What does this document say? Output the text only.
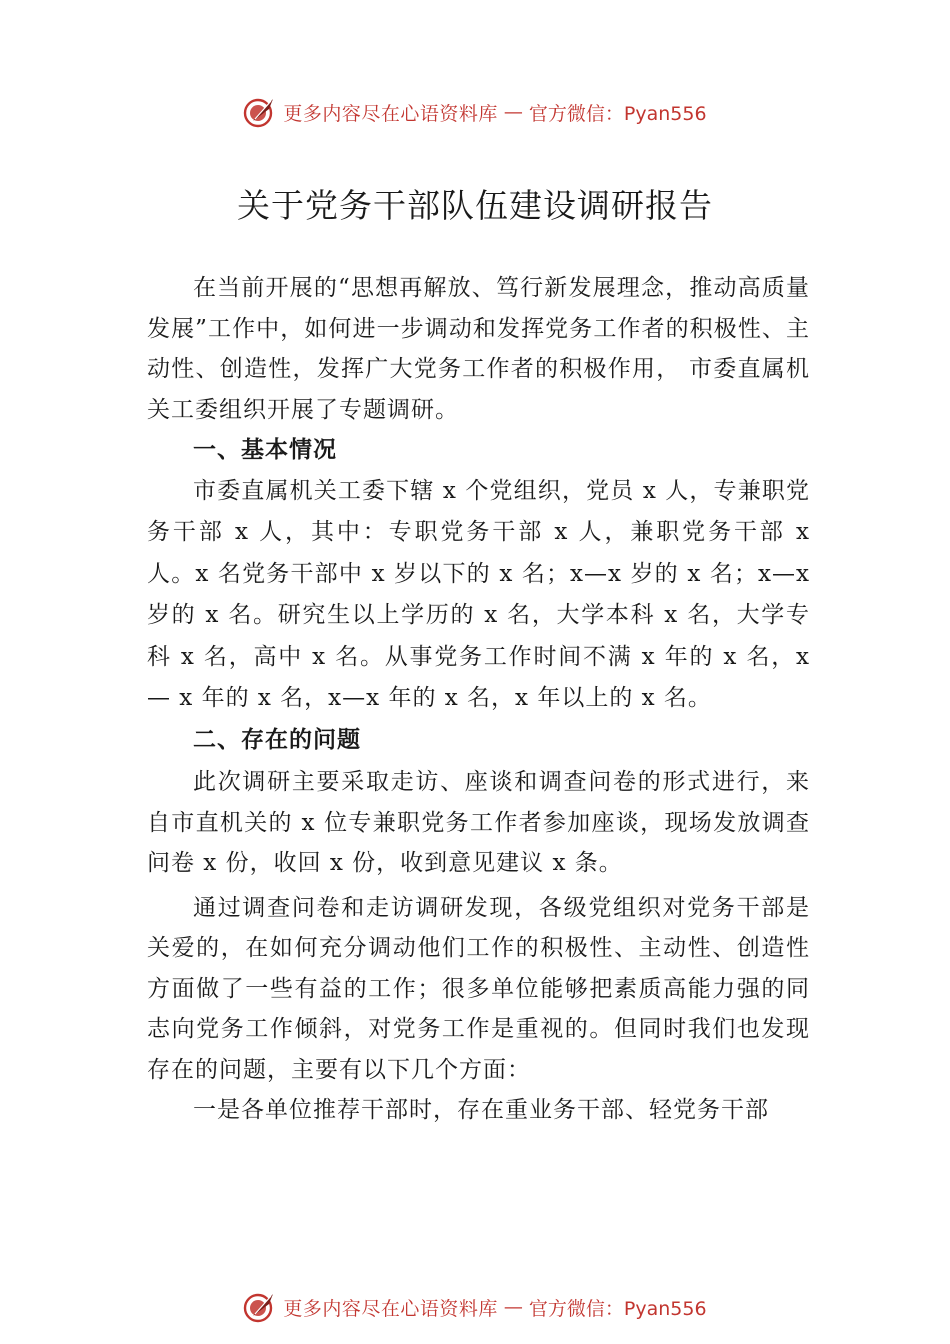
更多内容尽在心语资料库 — 官方微信：Pyan556
关于党务干部队伍建设调研报告

在当前开展的“思想再解放、笃行新发展理念，推动高质量发展”工作中，如何进一步调动和发挥党务工作者的积极性、主动性、创造性，发挥广大党务工作者的积极作用， 市委直属机关工委组织开展了专题调研。

一、基本情况

市委直属机关工委下辖 x 个党组织，党员 x 人，专兼职党务干部 x 人，其中：专职党务干部 x 人，兼职党务干部 x 人。x 名党务干部中 x 岁以下的 x 名；x—x 岁的 x 名；x—x 岁的 x 名。研究生以上学历的 x 名，大学本科 x 名，大学专科 x 名，高中 x 名。从事党务工作时间不满 x 年的 x 名，x— x 年的 x 名，x—x 年的 x 名，x 年以上的 x 名。

二、存在的问题

此次调研主要采取走访、座谈和调查问卷的形式进行，来自市直机关的 x 位专兼职党务工作者参加座谈，现场发放调查问卷 x 份，收回 x 份，收到意见建议 x 条。

通过调查问卷和走访调研发现，各级党组织对党务干部是关爱的，在如何充分调动他们工作的积极性、主动性、创造性方面做了一些有益的工作；很多单位能够把素质高能力强的同志向党务工作倾斜，对党务工作是重视的。但同时我们也发现存在的问题，主要有以下几个方面：

一是各单位推荐干部时，存在重业务干部、轻党务干部

更多内容尽在心语资料库 — 官方微信：Pyan556
